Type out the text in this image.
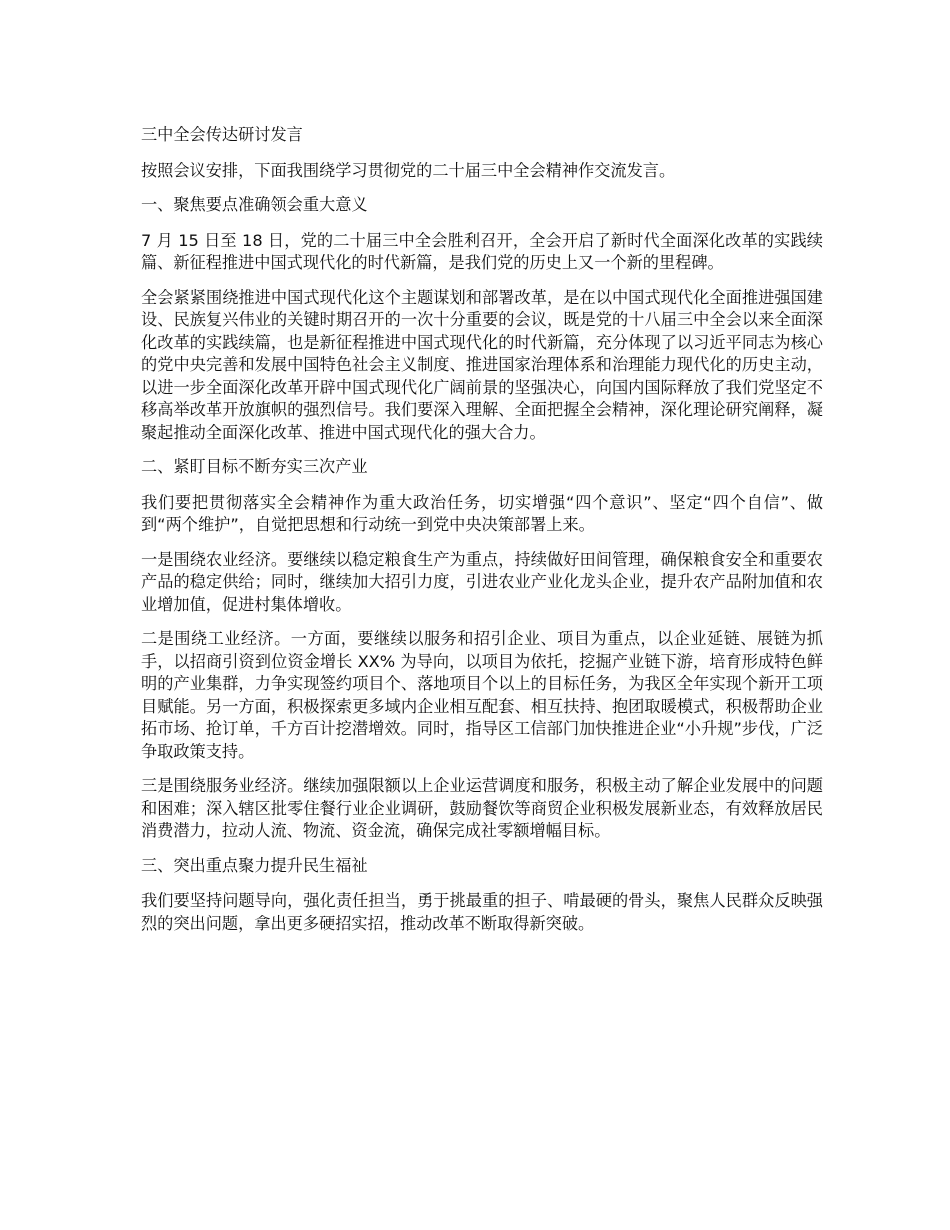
三中全会传达研讨发言

按照会议安排，下面我围绕学习贯彻党的二十届三中全会精神作交流发言。

一、聚焦要点准确领会重大意义

7 月 15 日至 18 日，党的二十届三中全会胜利召开，全会开启了新时代全面深化改革的实践续篇、新征程推进中国式现代化的时代新篇，是我们党的历史上又一个新的里程碑。

全会紧紧围绕推进中国式现代化这个主题谋划和部署改革，是在以中国式现代化全面推进强国建设、民族复兴伟业的关键时期召开的一次十分重要的会议，既是党的十八届三中全会以来全面深化改革的实践续篇，也是新征程推进中国式现代化的时代新篇，充分体现了以习近平同志为核心的党中央完善和发展中国特色社会主义制度、推进国家治理体系和治理能力现代化的历史主动，以进一步全面深化改革开辟中国式现代化广阔前景的坚强决心，向国内国际释放了我们党坚定不移高举改革开放旗帜的强烈信号。我们要深入理解、全面把握全会精神，深化理论研究阐释，凝聚起推动全面深化改革、推进中国式现代化的强大合力。

二、紧盯目标不断夯实三次产业

我们要把贯彻落实全会精神作为重大政治任务，切实增强“四个意识”、坚定“四个自信”、做到“两个维护”，自觉把思想和行动统一到党中央决策部署上来。

一是围绕农业经济。要继续以稳定粮食生产为重点，持续做好田间管理，确保粮食安全和重要农产品的稳定供给；同时，继续加大招引力度，引进农业产业化龙头企业，提升农产品附加值和农业增加值，促进村集体增收。

二是围绕工业经济。一方面，要继续以服务和招引企业、项目为重点，以企业延链、展链为抓手，以招商引资到位资金增长 XX% 为导向，以项目为依托，挖掘产业链下游，培育形成特色鲜明的产业集群，力争实现签约项目个、落地项目个以上的目标任务，为我区全年实现个新开工项目赋能。另一方面，积极探索更多域内企业相互配套、相互扶持、抱团取暖模式，积极帮助企业拓市场、抢订单，千方百计挖潜增效。同时，指导区工信部门加快推进企业“小升规”步伐，广泛争取政策支持。

三是围绕服务业经济。继续加强限额以上企业运营调度和服务，积极主动了解企业发展中的问题和困难；深入辖区批零住餐行业企业调研，鼓励餐饮等商贸企业积极发展新业态，有效释放居民消费潜力，拉动人流、物流、资金流，确保完成社零额增幅目标。

三、突出重点聚力提升民生福祉

我们要坚持问题导向，强化责任担当，勇于挑最重的担子、啃最硬的骨头，聚焦人民群众反映强烈的突出问题，拿出更多硬招实招，推动改革不断取得新突破。
